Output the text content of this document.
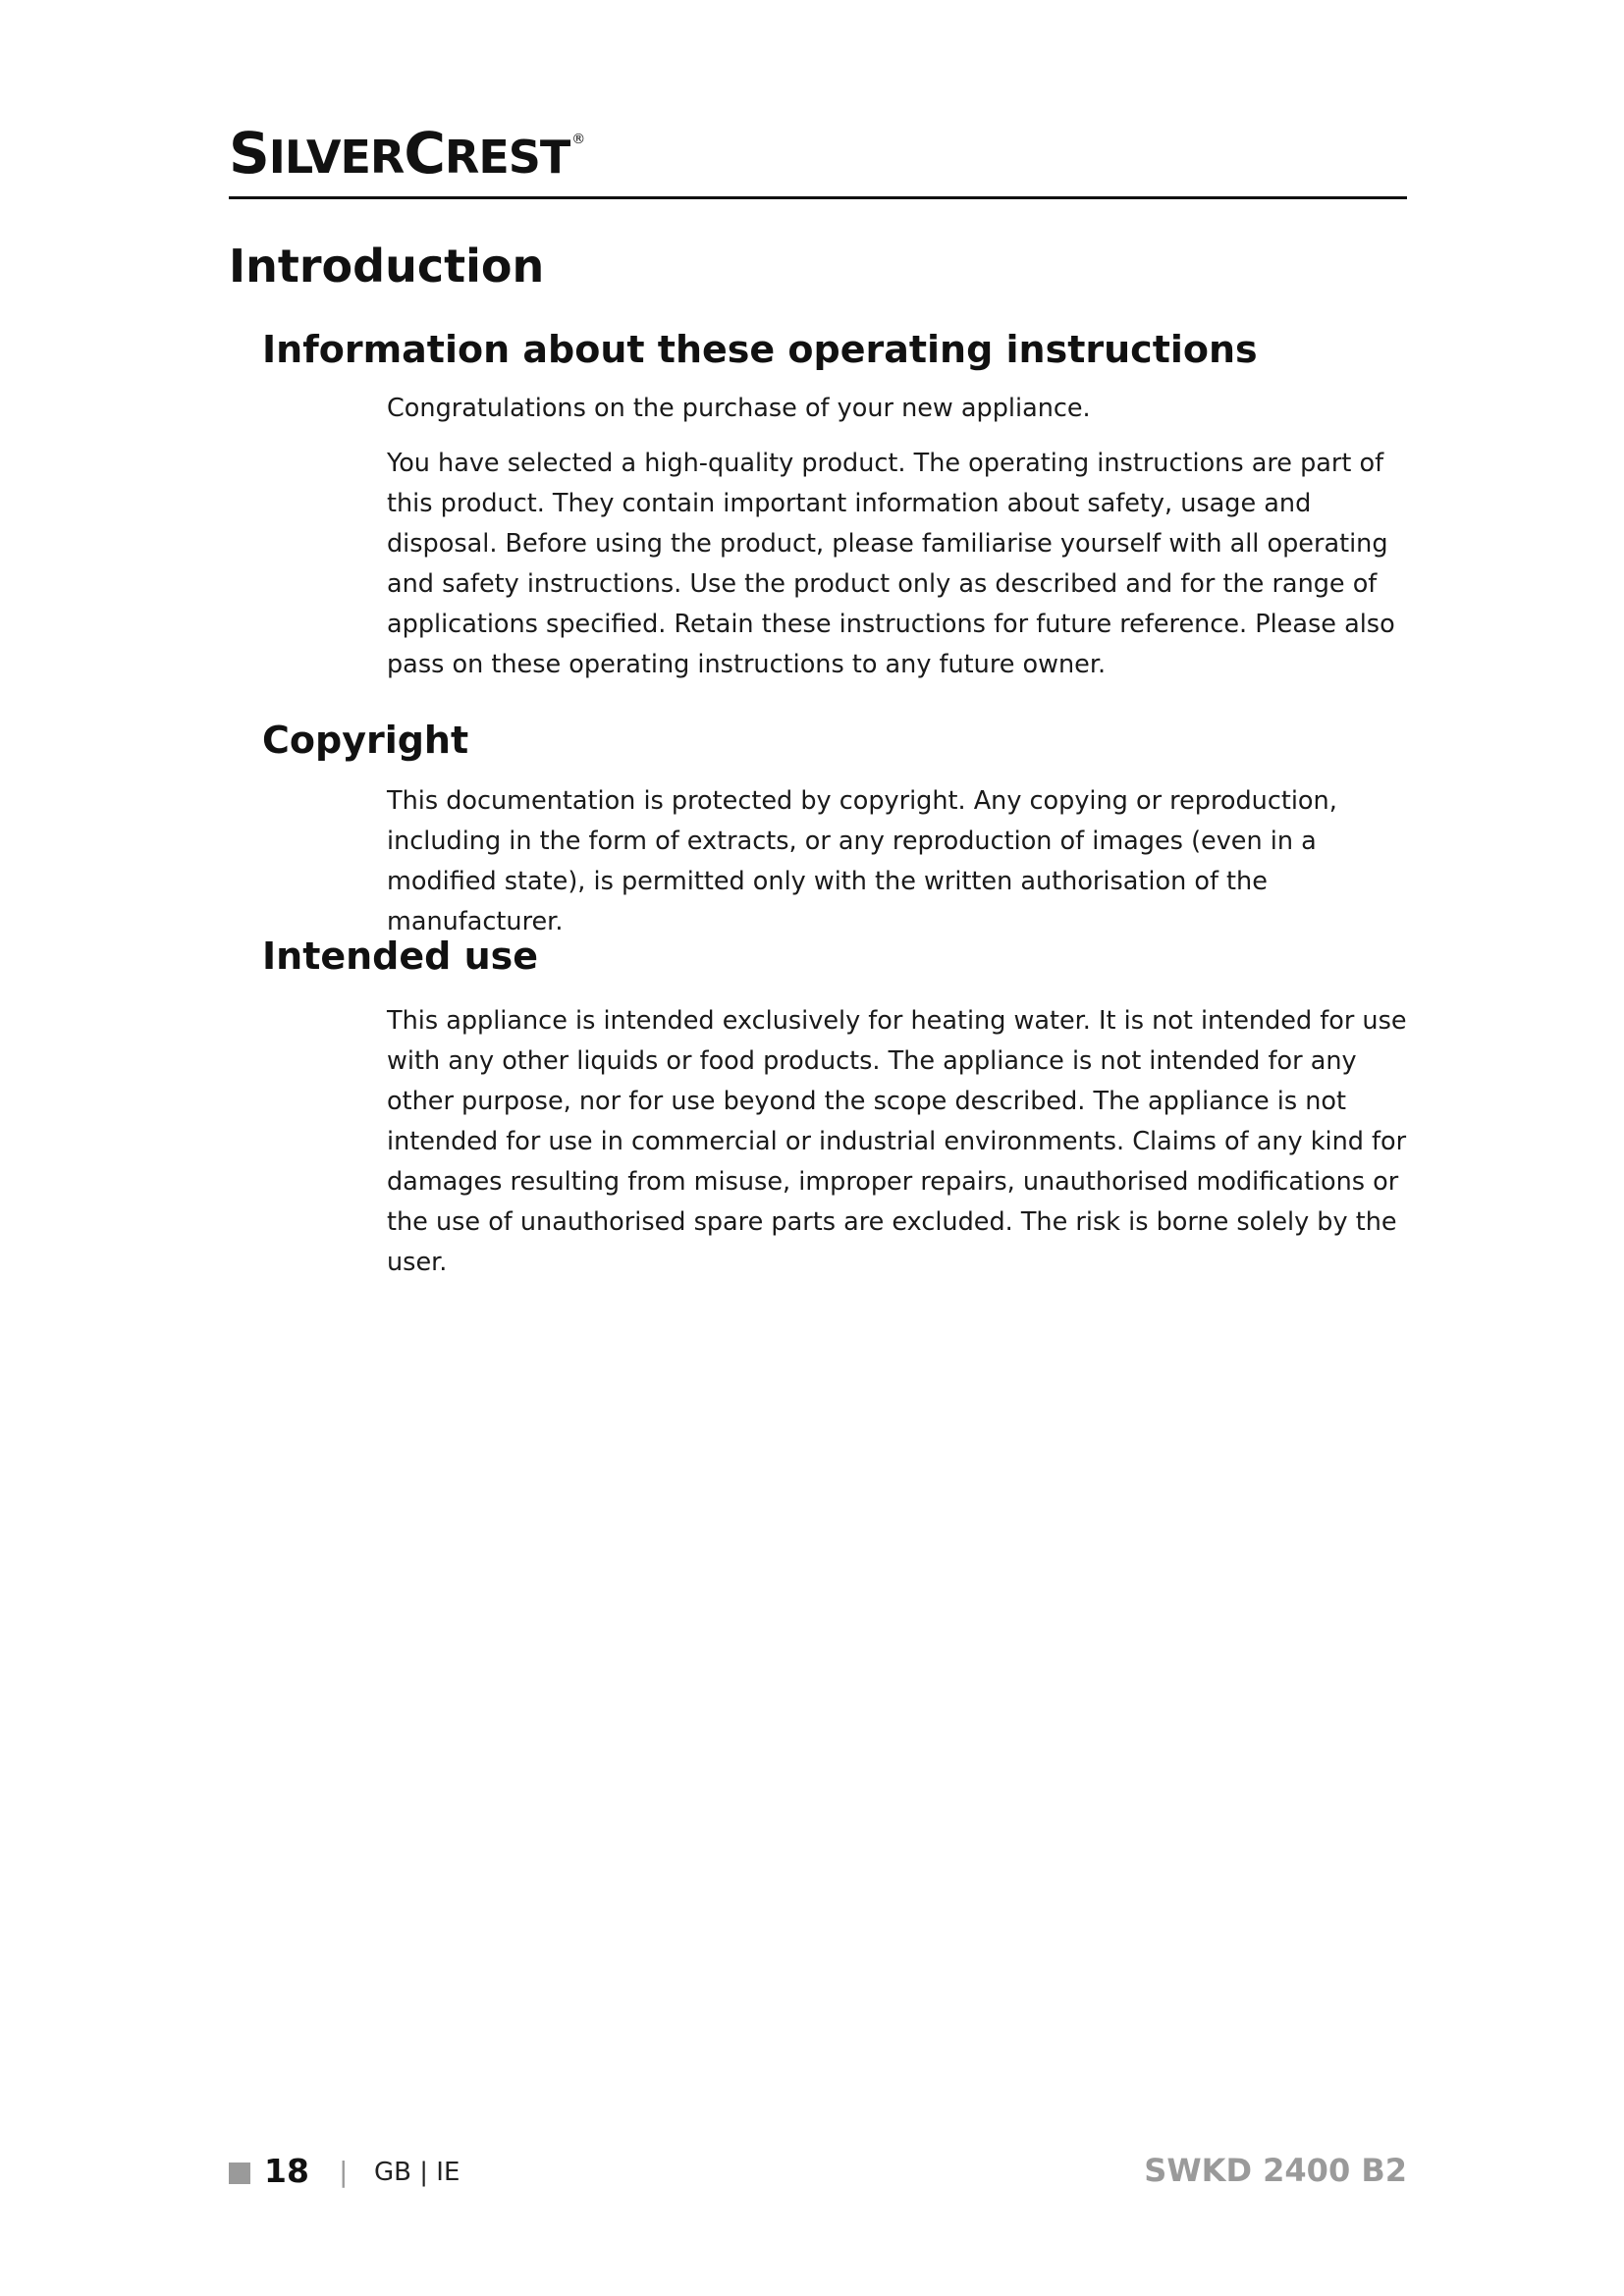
SILVERCREST ®
Introduction
Information about these operating instructions

Congratulations on the purchase of your new appliance.

You have selected a high-quality product. The operating instructions are part of this product. They contain important information about safety, usage and disposal. Before using the product, please familiarise yourself with all operating and safety instructions. Use the product only as described and for the range of applications specified. Retain these instructions for future reference. Please also pass on these operating instructions to any future owner.

Copyright

This documentation is protected by copyright. Any copying or reproduction, including in the form of extracts, or any reproduction of images (even in a modified state), is permitted only with the written authorisation of the manufacturer.

Intended use

This appliance is intended exclusively for heating water. It is not intended for use with any other liquids or food products. The appliance is not intended for any other purpose, nor for use beyond the scope described. The appliance is not intended for use in commercial or industrial environments. Claims of any kind for damages resulting from misuse, improper repairs, unauthorised modifications or the use of unauthorised spare parts are excluded. The risk is borne solely by the user.

18 | GB | IE	SWKD 2400 B2
